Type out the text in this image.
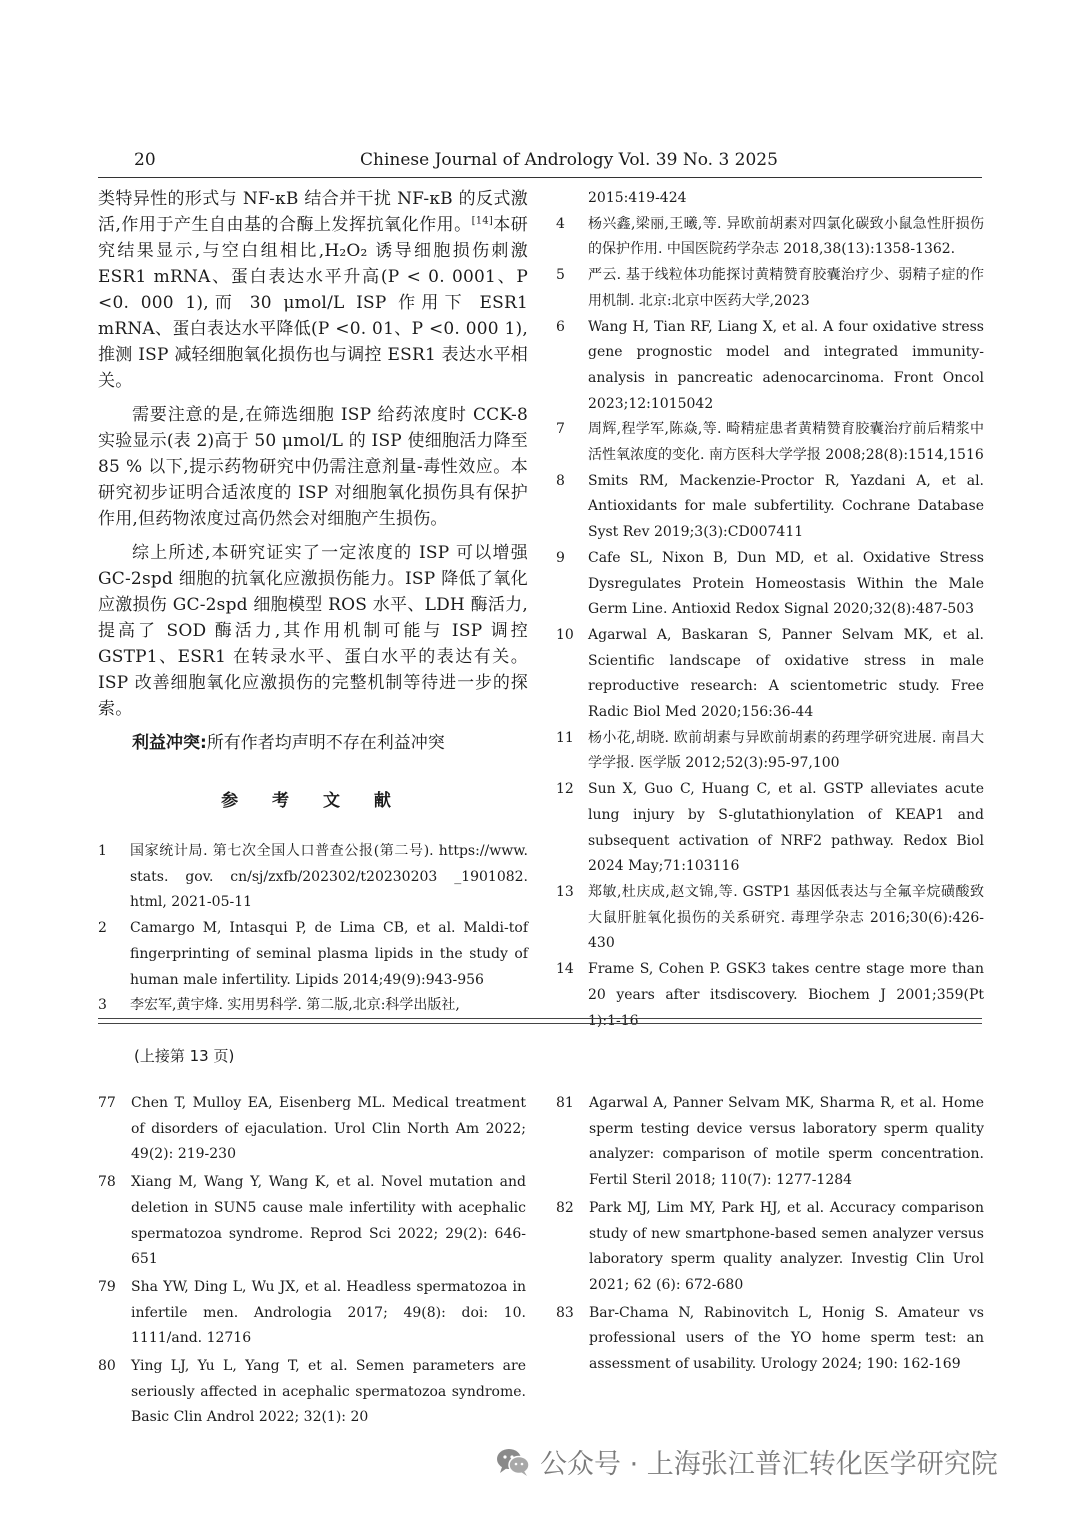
20	Chinese Journal of Andrology Vol. 39 No. 3 2025

类特异性的形式与 NF-κB 结合并干扰 NF-κB 的反式激活,作用于产生自由基的合酶上发挥抗氧化作用。[14]本研究结果显示,与空白组相比,H₂O₂ 诱导细胞损伤刺激 ESR1 mRNA、蛋白表达水平升高(P < 0. 0001、P <0. 000 1),而 30 μmol/L ISP 作用下 ESR1 mRNA、蛋白表达水平降低(P <0. 01、P <0. 000 1),推测 ISP 减轻细胞氧化损伤也与调控 ESR1 表达水平相关。

需要注意的是,在筛选细胞 ISP 给药浓度时 CCK-8 实验显示(表 2)高于 50 μmol/L 的 ISP 使细胞活力降至85 % 以下,提示药物研究中仍需注意剂量-毒性效应。本研究初步证明合适浓度的 ISP 对细胞氧化损伤具有保护作用,但药物浓度过高仍然会对细胞产生损伤。

综上所述,本研究证实了一定浓度的 ISP 可以增强 GC-2spd 细胞的抗氧化应激损伤能力。ISP 降低了氧化应激损伤 GC-2spd 细胞模型 ROS 水平、LDH 酶活力,提高了 SOD 酶活力,其作用机制可能与 ISP 调控 GSTP1、ESR1 在转录水平、蛋白水平的表达有关。ISP 改善细胞氧化应激损伤的完整机制等待进一步的探索。

利益冲突:所有作者均声明不存在利益冲突

参 考 文 献
1	国家统计局. 第七次全国人口普查公报(第二号). https://www. stats. gov. cn/sj/zxfb/202302/t20230203 _1901082. html, 2021-05-11
2	Camargo M, Intasqui P, de Lima CB, et al. Maldi-tof fingerprinting of seminal plasma lipids in the study of human male infertility. Lipids 2014;49(9):943-956
3	李宏军,黄宇烽. 实用男科学. 第二版,北京:科学出版社,
2015:419-424
4	杨兴鑫,梁丽,王曦,等. 异欧前胡素对四氯化碳致小鼠急性肝损伤的保护作用. 中国医院药学杂志 2018,38(13):1358-1362.
5	严云. 基于线粒体功能探讨黄精赞育胶囊治疗少、弱精子症的作用机制. 北京:北京中医药大学,2023
6	Wang H, Tian RF, Liang X, et al. A four oxidative stress gene prognostic model and integrated immunity-analysis in pancreatic adenocarcinoma. Front Oncol 2023;12:1015042
7	周辉,程学军,陈焱,等. 畸精症患者黄精赞育胶囊治疗前后精浆中活性氧浓度的变化. 南方医科大学学报 2008;28(8):1514,1516
8	Smits RM, Mackenzie-Proctor R, Yazdani A, et al. Antioxidants for male subfertility. Cochrane Database Syst Rev 2019;3(3):CD007411
9	Cafe SL, Nixon B, Dun MD, et al. Oxidative Stress Dysregulates Protein Homeostasis Within the Male Germ Line. Antioxid Redox Signal 2020;32(8):487-503
10	Agarwal A, Baskaran S, Panner Selvam MK, et al. Scientific landscape of oxidative stress in male reproductive research: A scientometric study. Free Radic Biol Med 2020;156:36-44
11	杨小花,胡晓. 欧前胡素与异欧前胡素的药理学研究进展. 南昌大学学报. 医学版 2012;52(3):95-97,100
12	Sun X, Guo C, Huang C, et al. GSTP alleviates acute lung injury by S-glutathionylation of KEAP1 and subsequent activation of NRF2 pathway. Redox Biol 2024 May;71:103116
13	郑敏,杜庆成,赵文锦,等. GSTP1 基因低表达与全氟辛烷磺酸致大鼠肝脏氧化损伤的关系研究. 毒理学杂志 2016;30(6):426-430
14	Frame S, Cohen P. GSK3 takes centre stage more than 20 years after itsdiscovery. Biochem J 2001;359(Pt 1):1-16
(上接第 13 页)
77	Chen T, Mulloy EA, Eisenberg ML. Medical treatment of disorders of ejaculation. Urol Clin North Am 2022; 49(2): 219-230
78	Xiang M, Wang Y, Wang K, et al. Novel mutation and deletion in SUN5 cause male infertility with acephalic spermatozoa syndrome. Reprod Sci 2022; 29(2): 646-651
79	Sha YW, Ding L, Wu JX, et al. Headless spermatozoa in infertile men. Andrologia 2017; 49(8): doi: 10. 1111/and. 12716
80	Ying LJ, Yu L, Yang T, et al. Semen parameters are seriously affected in acephalic spermatozoa syndrome. Basic Clin Androl 2022; 32(1): 20
81	Agarwal A, Panner Selvam MK, Sharma R, et al. Home sperm testing device versus laboratory sperm quality analyzer: comparison of motile sperm concentration. Fertil Steril 2018; 110(7): 1277-1284
82	Park MJ, Lim MY, Park HJ, et al. Accuracy comparison study of new smartphone-based semen analyzer versus laboratory sperm quality analyzer. Investig Clin Urol 2021; 62 (6): 672-680
83	Bar-Chama N, Rabinovitch L, Honig S. Amateur vs professional users of the YO home sperm test: an assessment of usability. Urology 2024; 190: 162-169
公众号 · 上海张江普汇转化医学研究院
